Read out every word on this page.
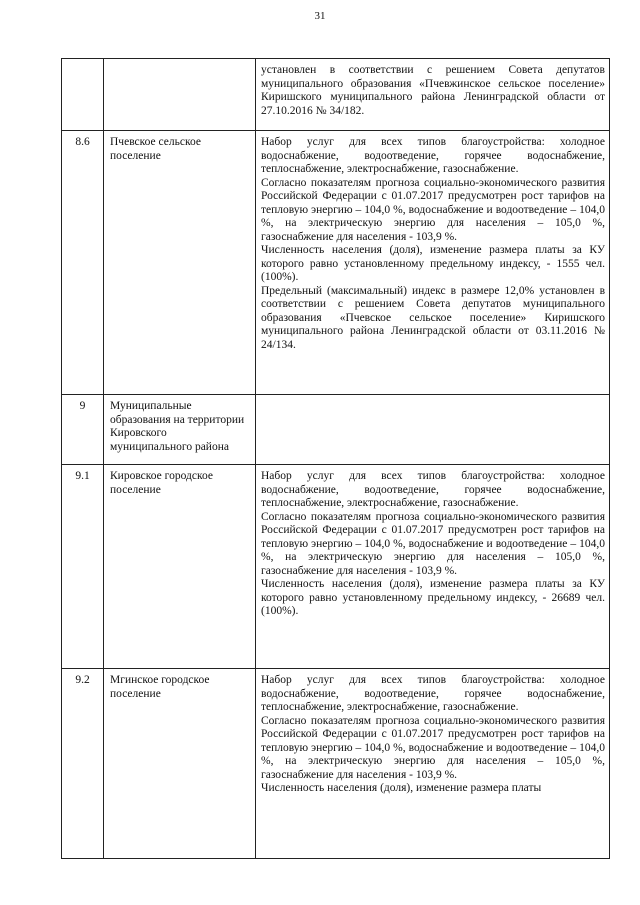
31

		установлен в соответствии с решением Совета депутатов муниципального образования «Пчевжинское сельское поселение» Киришского муниципального района Ленинградской области от 27.10.2016 № 34/182.

8.6	Пчевское сельское поселение	Набор услуг для всех типов благоустройства: холодное водоснабжение, водоотведение, горячее водоснабжение, теплоснабжение, электроснабжение, газоснабжение.

Согласно показателям прогноза социально-экономического развития Российской Федерации с 01.07.2017 предусмотрен рост тарифов на тепловую энергию – 104,0 %, водоснабжение и водоотведение – 104,0 %, на электрическую энергию для населения – 105,0 %, газоснабжение для населения - 103,9 %.

Численность населения (доля), изменение размера платы за КУ которого равно установленному предельному индексу, - 1555 чел. (100%).

Предельный (максимальный) индекс в размере 12,0% установлен в соответствии с решением Совета депутатов муниципального образования «Пчевское сельское поселение» Киришского муниципального района Ленинградской области от 03.11.2016 № 24/134.

9	Муниципальные образования на территории Кировского муниципального района	
9.1	Кировское городское поселение	Набор услуг для всех типов благоустройства: холодное водоснабжение, водоотведение, горячее водоснабжение, теплоснабжение, электроснабжение, газоснабжение.

Согласно показателям прогноза социально-экономического развития Российской Федерации с 01.07.2017 предусмотрен рост тарифов на тепловую энергию – 104,0 %, водоснабжение и водоотведение – 104,0 %, на электрическую энергию для населения – 105,0 %, газоснабжение для населения - 103,9 %.

Численность населения (доля), изменение размера платы за КУ которого равно установленному предельному индексу, - 26689 чел. (100%).

9.2	Мгинское городское поселение	Набор услуг для всех типов благоустройства: холодное водоснабжение, водоотведение, горячее водоснабжение, теплоснабжение, электроснабжение, газоснабжение.

Согласно показателям прогноза социально-экономического развития Российской Федерации с 01.07.2017 предусмотрен рост тарифов на тепловую энергию – 104,0 %, водоснабжение и водоотведение – 104,0 %, на электрическую энергию для населения – 105,0 %, газоснабжение для населения - 103,9 %.

Численность населения (доля), изменение размера платы
